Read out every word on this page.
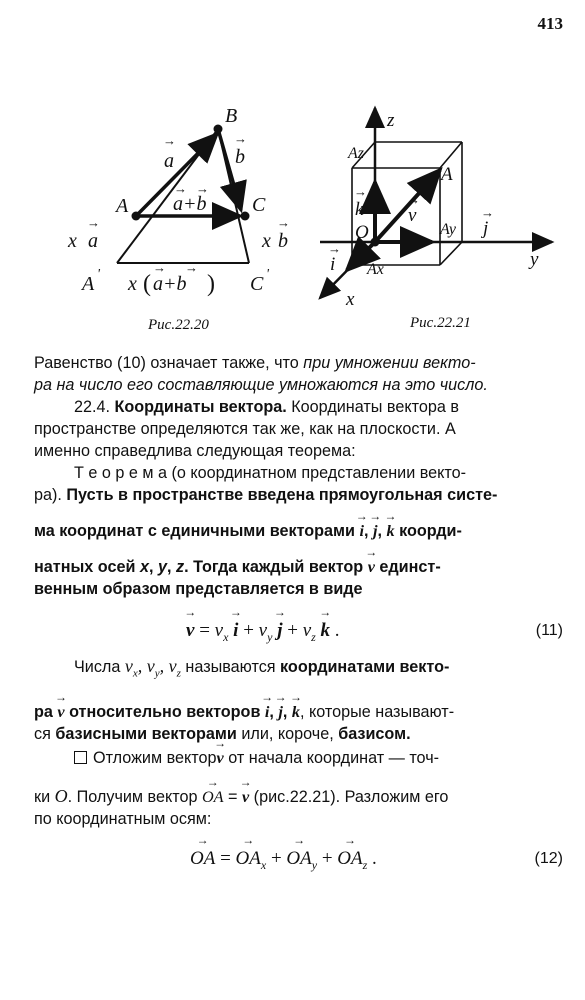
413
B
A	C
a
→
b
→
a+b
→ →
x a
→
x b
→
A '	C '
x ( a+b )
→ →
Рис.22.20
z
Az
A
k
→
v
→
O	Ay j
→
y
i
→
Ax
x
Рис.22.21
Равенство (10) означает также, что при умножении векто-
ра на число его составляющие умножаются на это число.
22.4. Координаты вектора. Координаты вектора в
пространстве определяются так же, как на плоскости. А
именно справедлива следующая теорема:
Т е о р е м а (о координатном представлении векто-
ра). Пусть в пространстве введена прямоугольная систе-
ма координат с единичными векторами → i, → j, → k коорди-
натных осей x, y, z. Тогда каждый вектор → v единст-
венным образом представляется в виде
→ $v = v_x \to i + v_y \to j + v_z \to k$ .	(11)
Числа $v_x$, $v_y$, $v_z$ называются координатами векто-
ра → v относительно векторов → i, → j, → k, которые называют-
ся базисными векторами или, короче, базисом.
Отложим вектор→ v от начала координат — точ-
ки O. Получим вектор → OA = → v (рис.22.21). Разложим его
по координатным осям:
→ OA = → $OA_x$ + → $OA_y$ + → $OA_z$ .	(12)
